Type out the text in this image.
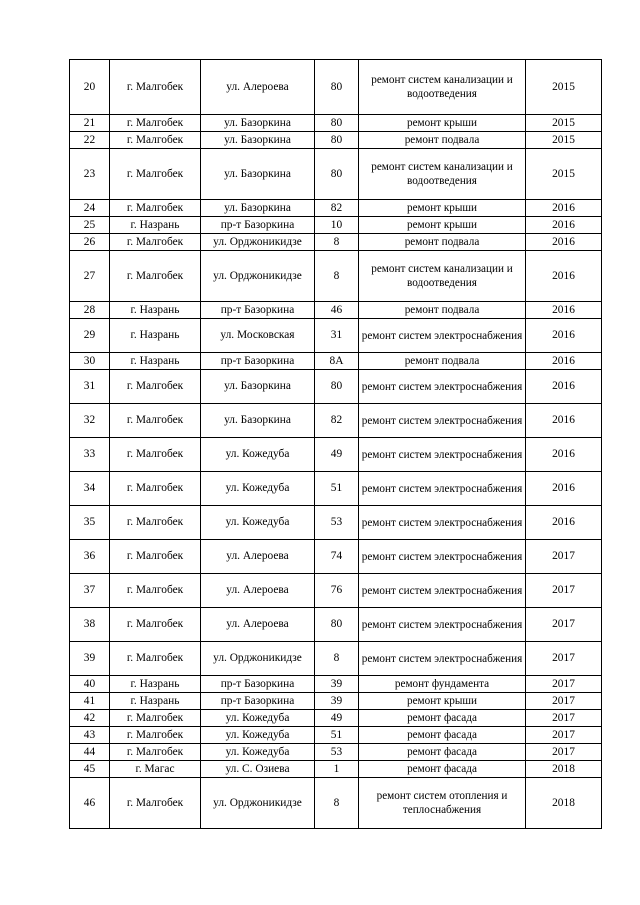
20	г. Малгобек	ул. Алероева	80	ремонт систем канализации и водоотведения	2015
21	г. Малгобек	ул. Базоркина	80	ремонт крыши	2015
22	г. Малгобек	ул. Базоркина	80	ремонт подвала	2015
23	г. Малгобек	ул. Базоркина	80	ремонт систем канализации и водоотведения	2015
24	г. Малгобек	ул. Базоркина	82	ремонт крыши	2016
25	г. Назрань	пр-т Базоркина	10	ремонт крыши	2016
26	г. Малгобек	ул. Орджоникидзе	8	ремонт подвала	2016
27	г. Малгобек	ул. Орджоникидзе	8	ремонт систем канализации и водоотведения	2016
28	г. Назрань	пр-т Базоркина	46	ремонт подвала	2016
29	г. Назрань	ул. Московская	31	ремонт систем электроснабжения	2016
30	г. Назрань	пр-т Базоркина	8А	ремонт подвала	2016
31	г. Малгобек	ул. Базоркина	80	ремонт систем электроснабжения	2016
32	г. Малгобек	ул. Базоркина	82	ремонт систем электроснабжения	2016
33	г. Малгобек	ул. Кожедуба	49	ремонт систем электроснабжения	2016
34	г. Малгобек	ул. Кожедуба	51	ремонт систем электроснабжения	2016
35	г. Малгобек	ул. Кожедуба	53	ремонт систем электроснабжения	2016
36	г. Малгобек	ул. Алероева	74	ремонт систем электроснабжения	2017
37	г. Малгобек	ул. Алероева	76	ремонт систем электроснабжения	2017
38	г. Малгобек	ул. Алероева	80	ремонт систем электроснабжения	2017
39	г. Малгобек	ул. Орджоникидзе	8	ремонт систем электроснабжения	2017
40	г. Назрань	пр-т Базоркина	39	ремонт фундамента	2017
41	г. Назрань	пр-т Базоркина	39	ремонт крыши	2017
42	г. Малгобек	ул. Кожедуба	49	ремонт фасада	2017
43	г. Малгобек	ул. Кожедуба	51	ремонт фасада	2017
44	г. Малгобек	ул. Кожедуба	53	ремонт фасада	2017
45	г. Магас	ул. С. Озиева	1	ремонт фасада	2018
46	г. Малгобек	ул. Орджоникидзе	8	ремонт систем отопления и теплоснабжения	2018
